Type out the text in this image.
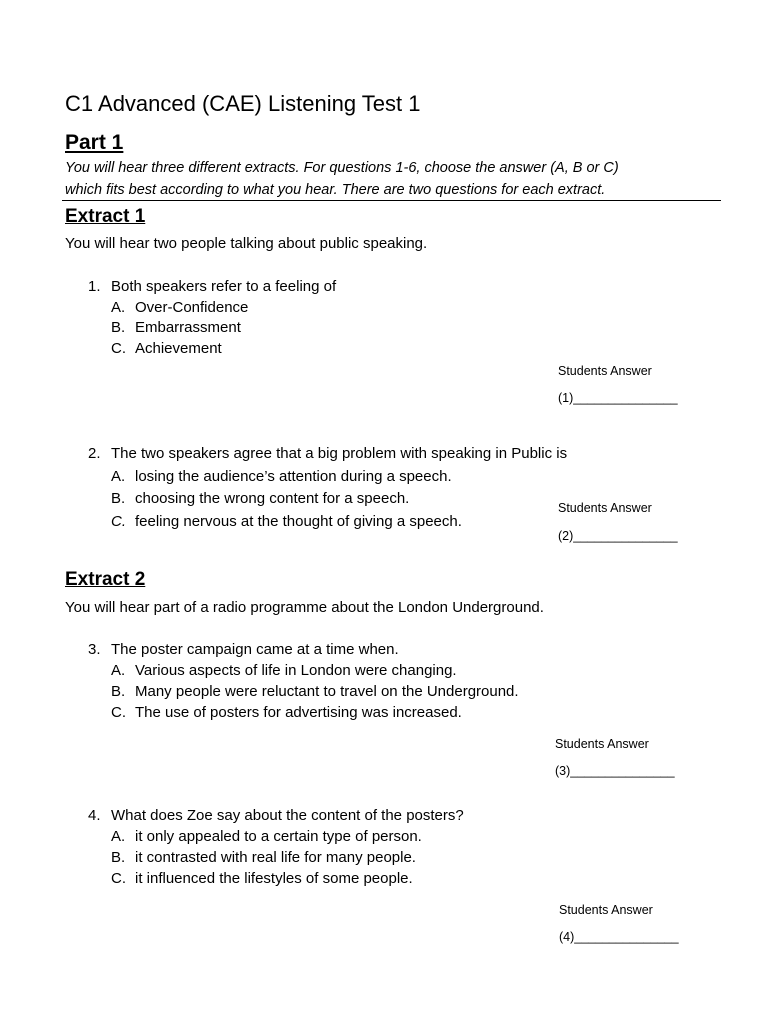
C1 Advanced (CAE) Listening Test 1
Part 1
You will hear three different extracts. For questions 1-6, choose the answer (A, B or C)
which fits best according to what you hear. There are two questions for each extract.
Extract 1
You will hear two people talking about public speaking.
1. Both speakers refer to a feeling of
A. Over-Confidence
B. Embarrassment
C. Achievement
Students Answer
(1)_______________
2. The two speakers agree that a big problem with speaking in Public is
A. losing the audience’s attention during a speech.
B. choosing the wrong content for a speech.
C. feeling nervous at the thought of giving a speech.
Students Answer
(2)_______________
Extract 2
You will hear part of a radio programme about the London Underground.
3. The poster campaign came at a time when.
A. Various aspects of life in London were changing.
B. Many people were reluctant to travel on the Underground.
C. The use of posters for advertising was increased.
Students Answer
(3)_______________
4. What does Zoe say about the content of the posters?
A. it only appealed to a certain type of person.
B. it contrasted with real life for many people.
C. it influenced the lifestyles of some people.
Students Answer
(4)_______________
